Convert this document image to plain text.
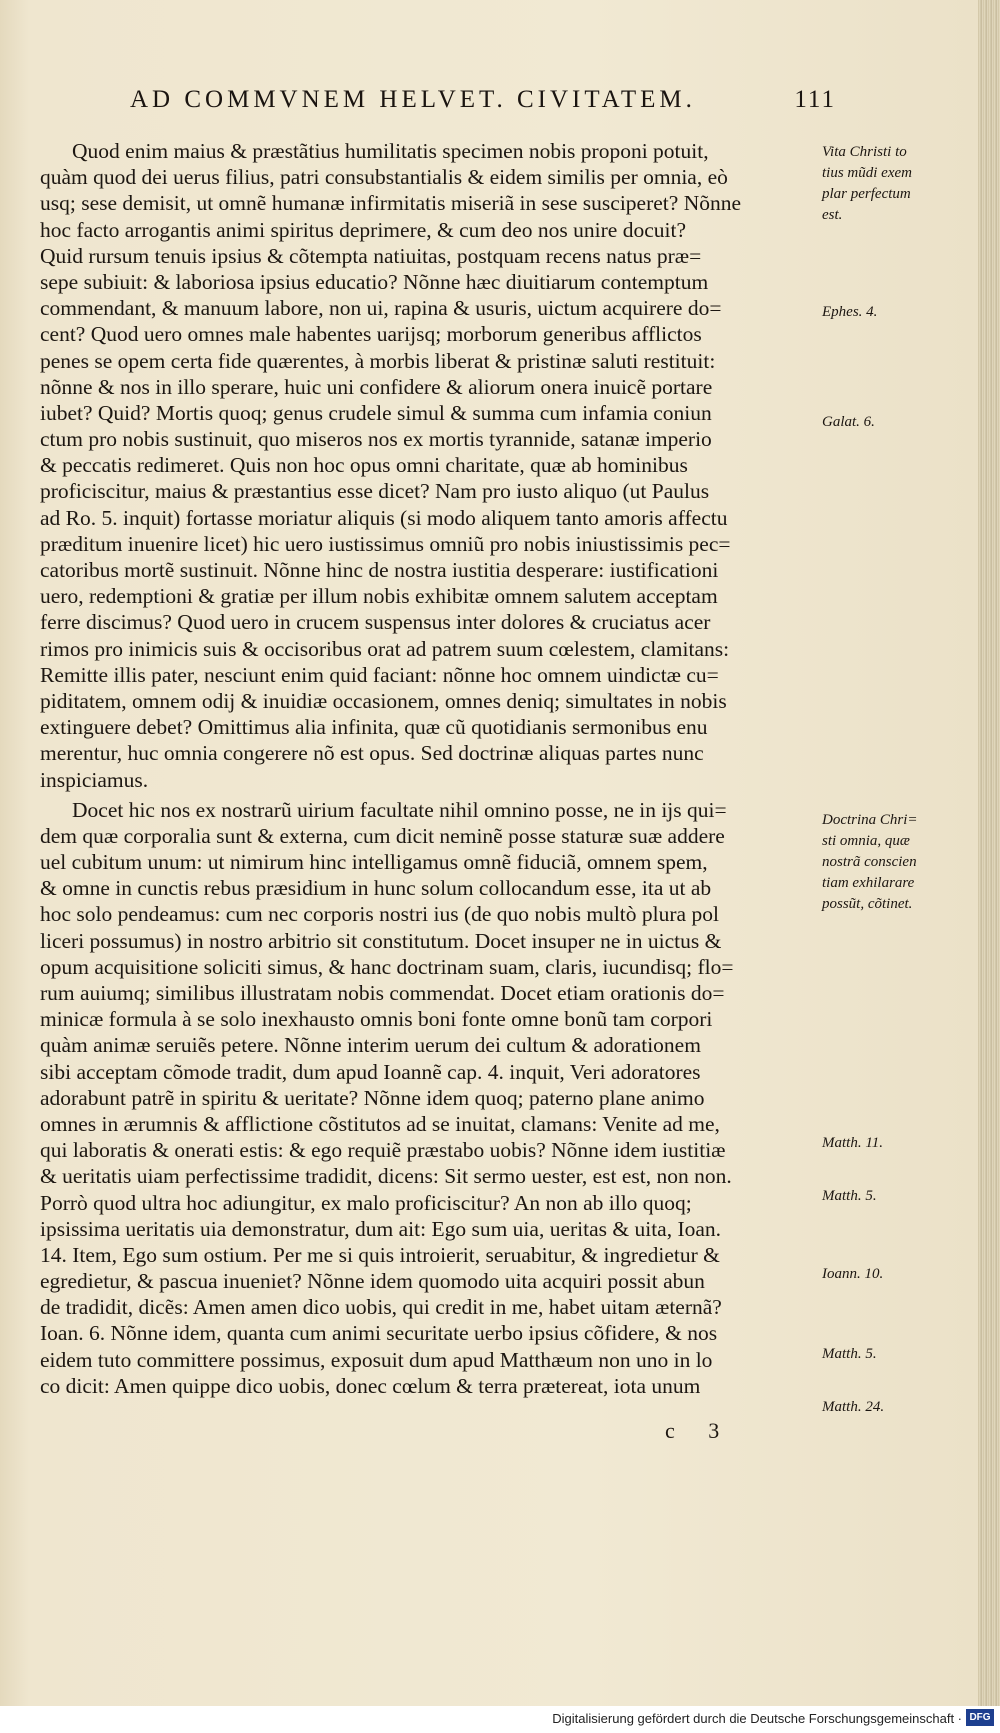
AD COMMVNEM HELVET. CIVITATEM.	111
Quod enim maius & præstãtius humilitatis specimen nobis proponi potuit,
quàm quod dei uerus filius, patri consubstantialis & eidem similis per omnia, eò
usq; sese demisit, ut omnẽ humanæ infirmitatis miseriã in sese susciperet? Nõnne
hoc facto arrogantis animi spiritus deprimere, & cum deo nos unire docuit?
Quid rursum tenuis ipsius & cõtempta natiuitas, postquam recens natus præ=
sepe subiuit: & laboriosa ipsius educatio? Nõnne hæc diuitiarum contemptum
commendant, & manuum labore, non ui, rapina & usuris, uictum acquirere do=
cent? Quod uero omnes male habentes uarijsq; morborum generibus afflictos
penes se opem certa fide quærentes, à morbis liberat & pristinæ saluti restituit:
nõnne & nos in illo sperare, huic uni confidere & aliorum onera inuicẽ portare
iubet? Quid? Mortis quoq; genus crudele simul & summa cum infamia coniun
ctum pro nobis sustinuit, quo miseros nos ex mortis tyrannide, satanæ imperio
& peccatis redimeret. Quis non hoc opus omni charitate, quæ ab hominibus
proficiscitur, maius & præstantius esse dicet? Nam pro iusto aliquo (ut Paulus
ad Ro. 5. inquit) fortasse moriatur aliquis (si modo aliquem tanto amoris affectu
præditum inuenire licet) hic uero iustissimus omniũ pro nobis iniustissimis pec=
catoribus mortẽ sustinuit. Nõnne hinc de nostra iustitia desperare: iustificationi
uero, redemptioni & gratiæ per illum nobis exhibitæ omnem salutem acceptam
ferre discimus? Quod uero in crucem suspensus inter dolores & cruciatus acer
rimos pro inimicis suis & occisoribus orat ad patrem suum cœlestem, clamitans:
Remitte illis pater, nesciunt enim quid faciant: nõnne hoc omnem uindictæ cu=
piditatem, omnem odij & inuidiæ occasionem, omnes deniq; simultates in nobis
extinguere debet? Omittimus alia infinita, quæ cũ quotidianis sermonibus enu
merentur, huc omnia congerere nõ est opus. Sed doctrinæ aliquas partes nunc
inspiciamus.
Docet hic nos ex nostrarũ uirium facultate nihil omnino posse, ne in ijs qui=
dem quæ corporalia sunt & externa, cum dicit neminẽ posse staturæ suæ addere
uel cubitum unum: ut nimirum hinc intelligamus omnẽ fiduciã, omnem spem,
& omne in cunctis rebus præsidium in hunc solum collocandum esse, ita ut ab
hoc solo pendeamus: cum nec corporis nostri ius (de quo nobis multò plura pol
liceri possumus) in nostro arbitrio sit constitutum. Docet insuper ne in uictus &
opum acquisitione soliciti simus, & hanc doctrinam suam, claris, iucundisq; flo=
rum auiumq; similibus illustratam nobis commendat. Docet etiam orationis do=
minicæ formula à se solo inexhausto omnis boni fonte omne bonũ tam corpori
quàm animæ seruiẽs petere. Nõnne interim uerum dei cultum & adorationem
sibi acceptam cõmode tradit, dum apud Ioannẽ cap. 4. inquit, Veri adoratores
adorabunt patrẽ in spiritu & ueritate? Nõnne idem quoq; paterno plane animo
omnes in ærumnis & afflictione cõstitutos ad se inuitat, clamans: Venite ad me,
qui laboratis & onerati estis: & ego requiẽ præstabo uobis? Nõnne idem iustitiæ
& ueritatis uiam perfectissime tradidit, dicens: Sit sermo uester, est est, non non.
Porrò quod ultra hoc adiungitur, ex malo proficiscitur? An non ab illo quoq;
ipsissima ueritatis uia demonstratur, dum ait: Ego sum uia, ueritas & uita, Ioan.
14. Item, Ego sum ostium. Per me si quis introierit, seruabitur, & ingredietur &
egredietur, & pascua inueniet? Nõnne idem quomodo uita acquiri possit abun
de tradidit, dicẽs: Amen amen dico uobis, qui credit in me, habet uitam æternã?
Ioan. 6. Nõnne idem, quanta cum animi securitate uerbo ipsius cõfidere, & nos
eidem tuto committere possimus, exposuit dum apud Matthæum non uno in lo
co dicit: Amen quippe dico uobis, donec cœlum & terra prætereat, iota unum
Vita Christi to tius mũdi exem plar perfectum est.
Ephes. 4.
Galat. 6.
Doctrina Chri= sti omnia, quæ nostrã conscien tiam exhilarare possũt, cõtinet.
Matth. 11.
Matth. 5.
Ioann. 10.
Matth. 5.
Matth. 24.
c 3
Digitalisierung gefördert durch die Deutsche Forschungsgemeinschaft · DFG
